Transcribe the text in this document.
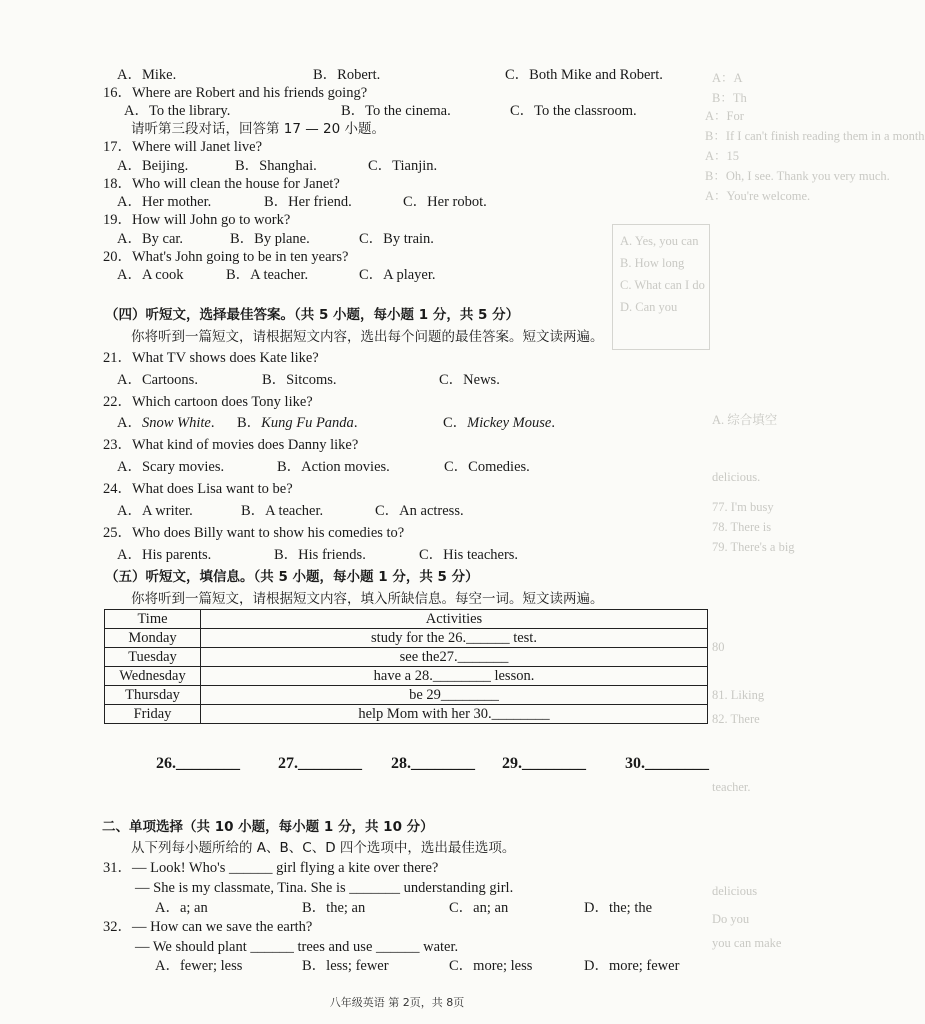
A：A
B：Th
A：For
B：If I can't finish reading them in a month
A：15
B：Oh, I see. Thank you very much.
A：You're welcome.
A. Yes, you can
B. How long
C. What can I do
D. Can you
A. 综合填空
delicious.
77. I'm busy
78. There is
79. There's a big
80
81. Liking
82. There
teacher.
delicious
Do you
you can make
A．Mike.	B．Robert.	C．Both Mike and Robert.
16．Where are Robert and his friends going?
A．To the library.	B．To the cinema.	C．To the classroom.
请听第三段对话，回答第 17 — 20 小题。
17．Where will Janet live?
A．Beijing.	B．Shanghai.	C．Tianjin.
18．Who will clean the house for Janet?
A．Her mother.	B．Her friend.	C．Her robot.
19．How will John go to work?
A．By car.	B．By plane.	C．By train.
20．What's John going to be in ten years?
A．A cook	B．A teacher.	C．A player.
（四）听短文，选择最佳答案。（共 5 小题，每小题 1 分，共 5 分）
你将听到一篇短文，请根据短文内容，选出每个问题的最佳答案。短文读两遍。
21．What TV shows does Kate like?
A．Cartoons.	B．Sitcoms.	C．News.
22．Which cartoon does Tony like?
A．Snow White. B．Kung Fu Panda.	C．Mickey Mouse.
23．What kind of movies does Danny like?
A．Scary movies.	B．Action movies.	C．Comedies.
24．What does Lisa want to be?
A．A writer.	B．A teacher.	C．An actress.
25．Who does Billy want to show his comedies to?
A．His parents.	B．His friends.	C．His teachers.
（五）听短文，填信息。（共 5 小题，每小题 1 分，共 5 分）
你将听到一篇短文，请根据短文内容，填入所缺信息。每空一词。短文读两遍。
Time	Activities
Monday	study for the 26.______ test.
Tuesday	see the27._______
Wednesday	have a 28.________ lesson.
Thursday	be 29________
Friday	help Mom with her 30.________
26.________ 27.________ 28.________ 29.________ 30.________
二、单项选择（共 10 小题，每小题 1 分，共 10 分）
从下列每小题所给的 A、B、C、D 四个选项中，选出最佳选项。
31．— Look! Who's ______ girl flying a kite over there?
— She is my classmate, Tina. She is _______ understanding girl.
A．a; an	B．the; an	C．an; an	D．the; the
32．— How can we save the earth?
— We should plant ______ trees and use ______ water.
A．fewer; less	B．less; fewer	C．more; less	D．more; fewer
八年级英语 第 2页，共 8页
